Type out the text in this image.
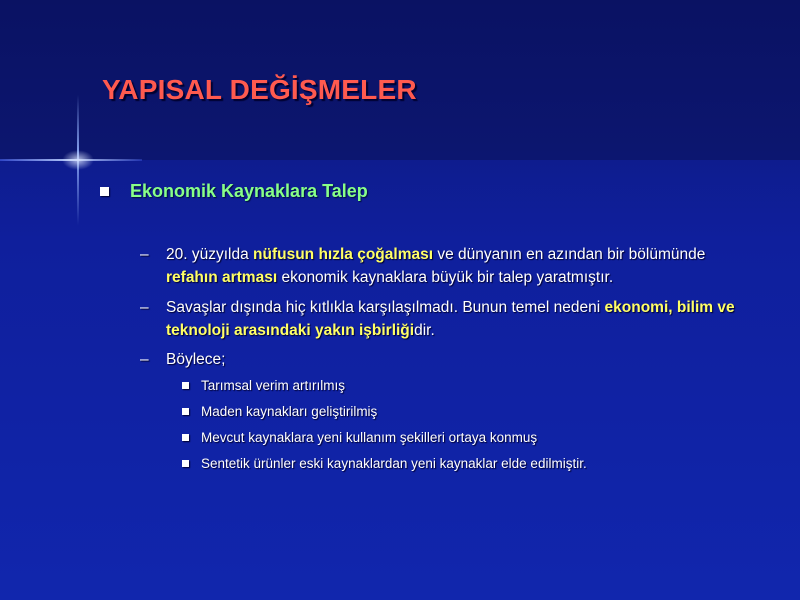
YAPISAL DEĞİŞMELER
Ekonomik Kaynaklara Talep
–	20. yüzyılda nüfusun hızla çoğalması ve dünyanın en azından bir bölümünde refahın artması ekonomik kaynaklara büyük bir talep yaratmıştır.
–	Savaşlar dışında hiç kıtlıkla karşılaşılmadı. Bunun temel nedeni ekonomi, bilim ve teknoloji arasındaki yakın işbirliğidir.
–	Böylece;
Tarımsal verim artırılmış
Maden kaynakları geliştirilmiş
Mevcut kaynaklara yeni kullanım şekilleri ortaya konmuş
Sentetik ürünler eski kaynaklardan yeni kaynaklar elde edilmiştir.
